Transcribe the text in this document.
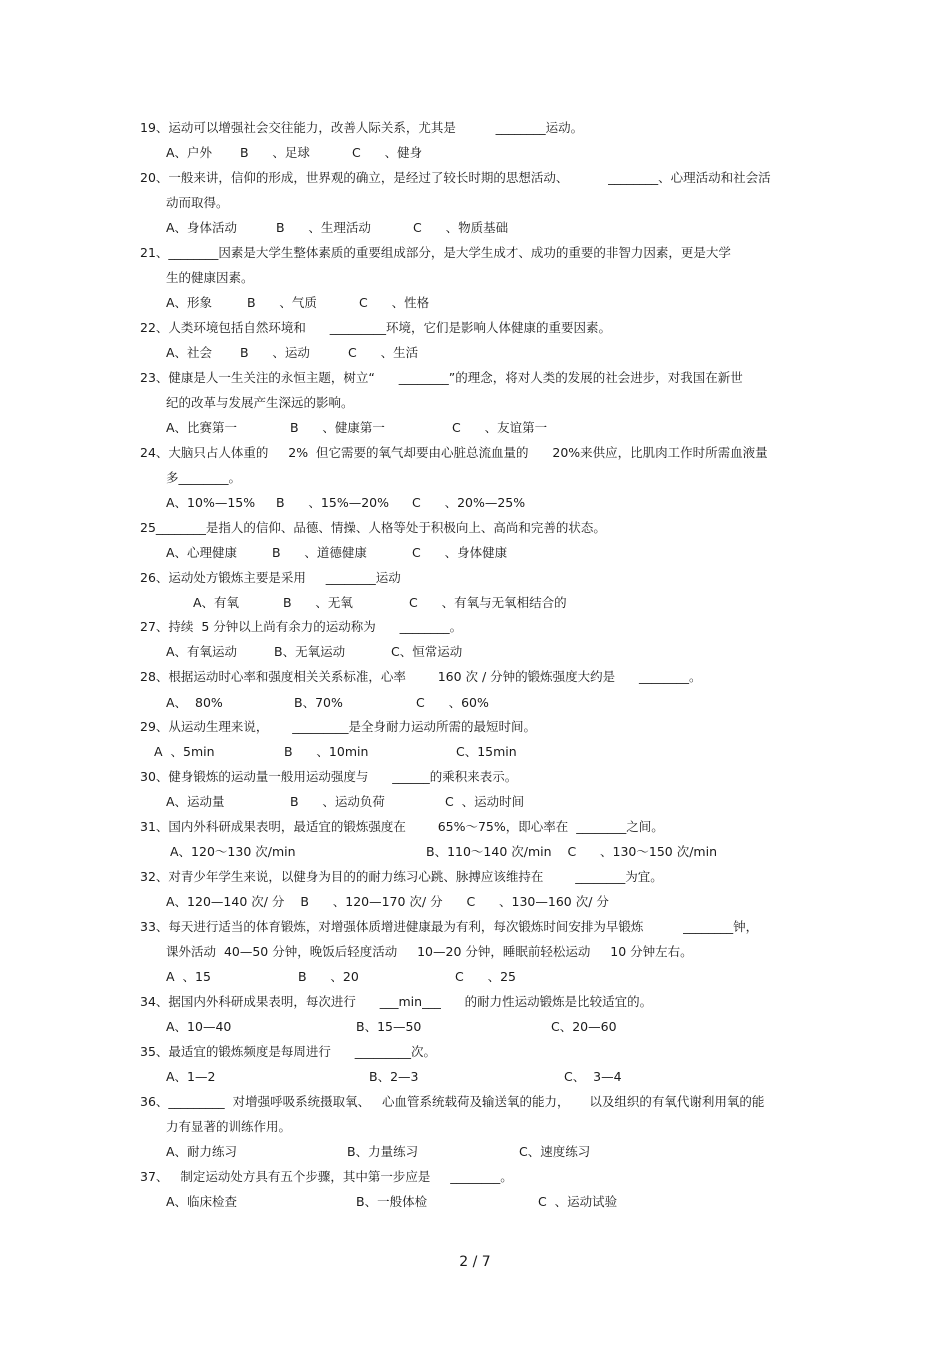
19、运动可以增强社会交往能力，改善人际关系，尤其是          ________运动。

A、户外

B      、足球

	C      、健身

20、一般来讲，信仰的形成，世界观的确立，是经过了较长时期的思想活动、          ________、心理活动和社会活
动而取得。

A、身体活动

	B      、生理活动

	C      、物质基础

21、________因素是大学生整体素质的重要组成部分，是大学生成才、成功的重要的非智力因素，更是大学
生的健康因素。

A、形象

	B      、气质

	C      、性格

22、人类环境包括自然环境和      _________环境，它们是影响人体健康的重要因素。

A、社会

B      、运动

	C      、生活

23、健康是人一生关注的永恒主题，树立“      ________”的理念，将对人类的发展的社会进步，对我国在新世
纪的改革与发展产生深远的影响。

A、比赛第一

	B      、健康第一

	C      、友谊第一

24、大脑只占人体重的     2%  但它需要的氧气却要由心脏总流血量的      20%来供应，比肌肉工作时所需血液量
多________。

A、10%—15%

B      、15%—20%

C      、20%—25%

25________是指人的信仰、品德、情操、人格等处于积极向上、高尚和完善的状态。

A、心理健康

	B      、道德健康

	C      、身体健康

26、运动处方锻炼主要是采用     ________运动

A、有氧

	B      、无氧

	C      、有氧与无氧相结合的

27、持续  5 分钟以上尚有余力的运动称为      ________。

A、有氧运动

	B、无氧运动

	C、恒常运动

28、根据运动时心率和强度相关关系标准，心率        160 次 / 分钟的锻炼强度大约是      ________。

A、  80%

	B、70%

	C      、60%

29、从运动生理来说，      _________是全身耐力运动所需的最短时间。

A  、5min

	B      、10min

	C、15min

30、健身锻炼的运动量一般用运动强度与      ______的乘积来表示。

A、运动量

	B      、运动负荷

	C  、运动时间

31、国内外科研成果表明，最适宜的锻炼强度在        65%～75%，即心率在  ________之间。

A、120～130 次/min

	B、110～140 次/min    C      、130～150 次/min

32、对青少年学生来说，以健身为目的的耐力练习心跳、脉搏应该维持在        ________为宜。

A、120—140 次/ 分    B      、120—170 次/ 分      C      、130—160 次/ 分

33、每天进行适当的体育锻炼，对增强体质增进健康最为有利，每次锻炼时间安排为早锻炼          ________钟，
课外活动  40—50 分钟，晚饭后轻度活动     10—20 分钟，睡眠前轻松运动     10 分钟左右。

A  、15

	B      、20

	C      、25

34、据国内外科研成果表明，每次进行      ___min___      的耐力性运动锻炼是比较适宜的。

A、10—40

	B、15—50

	C、20—60

35、最适宜的锻炼频度是每周进行      _________次。

A、1—2

	B、2—3

	C、  3—4

36、_________  对增强呼吸系统摄取氧、   心血管系统载荷及输送氧的能力，     以及组织的有氧代谢利用氧的能
力有显著的训练作用。

A、耐力练习

	B、力量练习

	C、速度练习

37、   制定运动处方具有五个步骤，其中第一步应是     ________。

A、临床检查

	B、一般体检

	C  、运动试验

2 / 7
